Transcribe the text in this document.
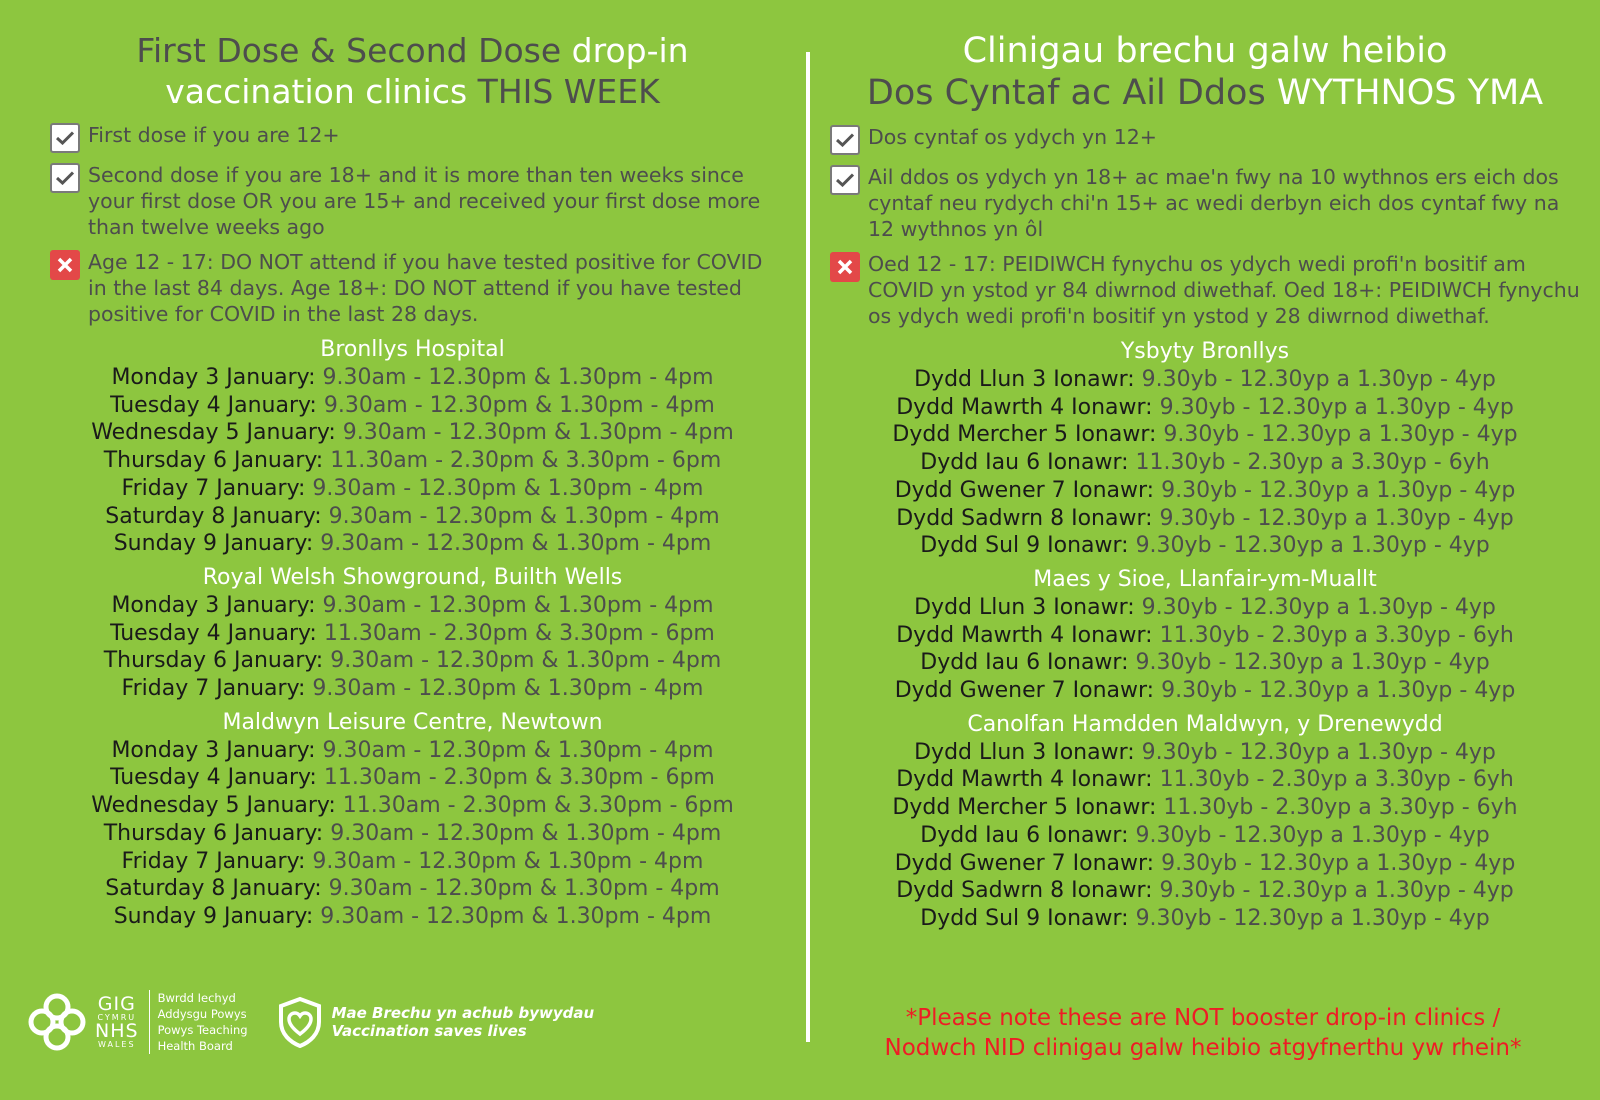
First Dose & Second Dose drop-in
vaccination clinics THIS WEEK
First dose if you are 12+
Second dose if you are 18+ and it is more than ten weeks since your first dose OR you are 15+ and received your first dose more than twelve weeks ago
Age 12 - 17: DO NOT attend if you have tested positive for COVID in the last 84 days. Age 18+: DO NOT attend if you have tested positive for COVID in the last 28 days.
Bronllys Hospital
Monday 3 January: 9.30am - 12.30pm & 1.30pm - 4pm
Tuesday 4 January: 9.30am - 12.30pm & 1.30pm - 4pm
Wednesday 5 January: 9.30am - 12.30pm & 1.30pm - 4pm
Thursday 6 January: 11.30am - 2.30pm & 3.30pm - 6pm
Friday 7 January: 9.30am - 12.30pm & 1.30pm - 4pm
Saturday 8 January: 9.30am - 12.30pm & 1.30pm - 4pm
Sunday 9 January: 9.30am - 12.30pm & 1.30pm - 4pm
Royal Welsh Showground, Builth Wells
Monday 3 January: 9.30am - 12.30pm & 1.30pm - 4pm
Tuesday 4 January: 11.30am - 2.30pm & 3.30pm - 6pm
Thursday 6 January: 9.30am - 12.30pm & 1.30pm - 4pm
Friday 7 January: 9.30am - 12.30pm & 1.30pm - 4pm
Maldwyn Leisure Centre, Newtown
Monday 3 January: 9.30am - 12.30pm & 1.30pm - 4pm
Tuesday 4 January: 11.30am - 2.30pm & 3.30pm - 6pm
Wednesday 5 January: 11.30am - 2.30pm & 3.30pm - 6pm
Thursday 6 January: 9.30am - 12.30pm & 1.30pm - 4pm
Friday 7 January: 9.30am - 12.30pm & 1.30pm - 4pm
Saturday 8 January: 9.30am - 12.30pm & 1.30pm - 4pm
Sunday 9 January: 9.30am - 12.30pm & 1.30pm - 4pm
Clinigau brechu galw heibio
Dos Cyntaf ac Ail Ddos WYTHNOS YMA
Dos cyntaf os ydych yn 12+
Ail ddos os ydych yn 18+ ac mae'n fwy na 10 wythnos ers eich dos cyntaf neu rydych chi'n 15+ ac wedi derbyn eich dos cyntaf fwy na 12 wythnos yn ôl
Oed 12 - 17: PEIDIWCH fynychu os ydych wedi profi'n bositif am COVID yn ystod yr 84 diwrnod diwethaf. Oed 18+: PEIDIWCH fynychu os ydych wedi profi'n bositif yn ystod y 28 diwrnod diwethaf.
Ysbyty Bronllys
Dydd Llun 3 Ionawr: 9.30yb - 12.30yp a 1.30yp - 4yp
Dydd Mawrth 4 Ionawr: 9.30yb - 12.30yp a 1.30yp - 4yp
Dydd Mercher 5 Ionawr: 9.30yb - 12.30yp a 1.30yp - 4yp
Dydd Iau 6 Ionawr: 11.30yb - 2.30yp a 3.30yp - 6yh
Dydd Gwener 7 Ionawr: 9.30yb - 12.30yp a 1.30yp - 4yp
Dydd Sadwrn 8 Ionawr: 9.30yb - 12.30yp a 1.30yp - 4yp
Dydd Sul 9 Ionawr: 9.30yb - 12.30yp a 1.30yp - 4yp
Maes y Sioe, Llanfair-ym-Muallt
Dydd Llun 3 Ionawr: 9.30yb - 12.30yp a 1.30yp - 4yp
Dydd Mawrth 4 Ionawr: 11.30yb - 2.30yp a 3.30yp - 6yh
Dydd Iau 6 Ionawr: 9.30yb - 12.30yp a 1.30yp - 4yp
Dydd Gwener 7 Ionawr: 9.30yb - 12.30yp a 1.30yp - 4yp
Canolfan Hamdden Maldwyn, y Drenewydd
Dydd Llun 3 Ionawr: 9.30yb - 12.30yp a 1.30yp - 4yp
Dydd Mawrth 4 Ionawr: 11.30yb - 2.30yp a 3.30yp - 6yh
Dydd Mercher 5 Ionawr: 11.30yb - 2.30yp a 3.30yp - 6yh
Dydd Iau 6 Ionawr: 9.30yb - 12.30yp a 1.30yp - 4yp
Dydd Gwener 7 Ionawr: 9.30yb - 12.30yp a 1.30yp - 4yp
Dydd Sadwrn 8 Ionawr: 9.30yb - 12.30yp a 1.30yp - 4yp
Dydd Sul 9 Ionawr: 9.30yb - 12.30yp a 1.30yp - 4yp
*Please note these are NOT booster drop-in clinics /
Nodwch NID clinigau galw heibio atgyfnerthu yw rhein*
GIG
CYMRU
NHS
WALES
Bwrdd Iechyd
Addysgu Powys
Powys Teaching
Health Board
Mae Brechu yn achub bywydau
Vaccination saves lives
